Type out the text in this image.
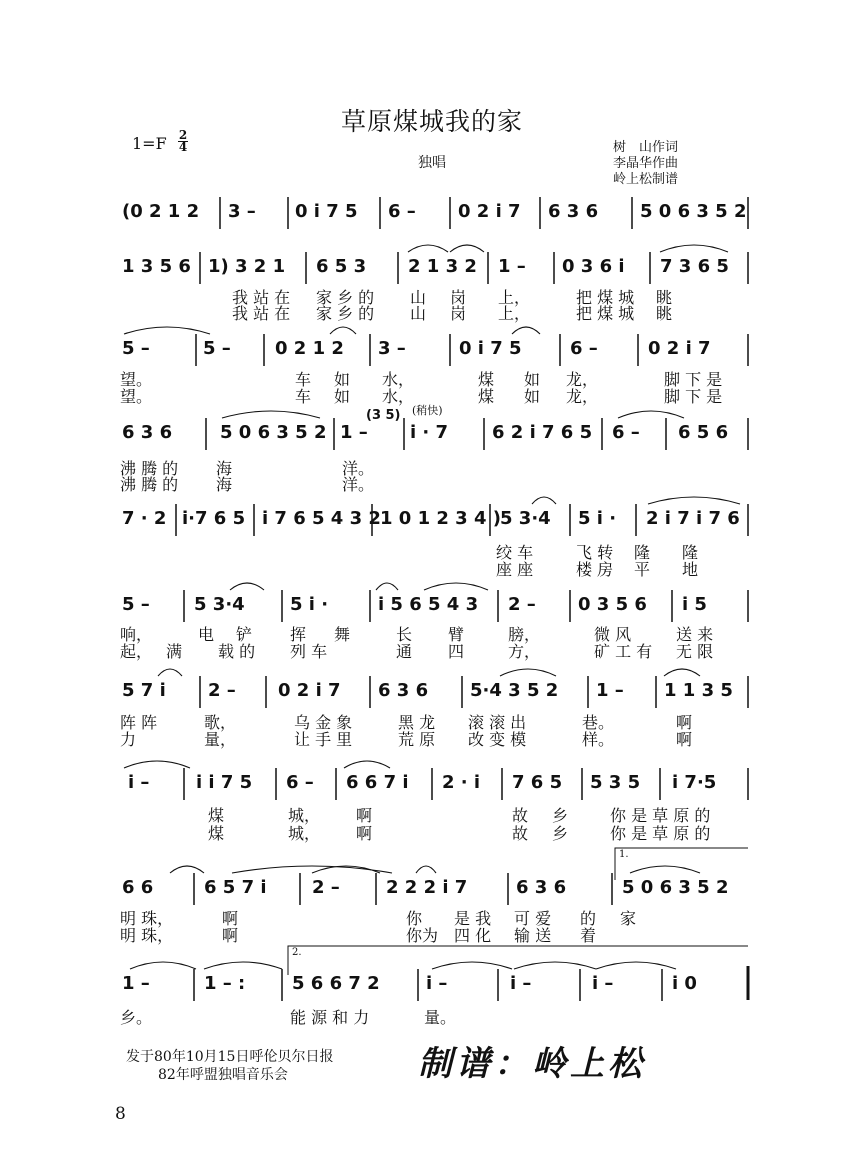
草原煤城我的家
1=F 2
4
独唱
树　山作词
李晶华作曲
岭上松制谱
1.
2.
(0 2 1 2 3 – 0 i 7 5 6 – 0 2 i 7 6 3 6 5 0 6 3 5 2
1 3 5 6 1) 3 2 1 6 5 3 2 1 3 2 1 – 0 3 6 i 7 3 6 5
我 站 在 家 乡 的 山 岗 上，	把 煤 城 眺
我 站 在 家 乡 的 山 岗 上，	把 煤 城 眺
5 –	5 – 0 2 1 2 3 –	0 i 7 5	6 –	0 2 i 7
望。	车 如 水，	煤 如 龙，	脚 下 是
望。	车 如 水，	煤 如 龙，	脚 下 是
6 3 6	5 0 6 3 5 2 1 –
(3 5) (稍快)
i · 7 6 2 i 7 6 5 6 – 6 5 6
沸 腾 的 海	洋。
沸 腾 的 海	洋。
7 · 2 i·7 6 5 i 7 6 5 4 3 2 1 0 1 2 3 4 ) 5 3·4 5 i · 2 i 7 i 7 6
绞 车	飞 转 隆 隆
座 座	楼 房 平 地
5 – 5 3·4	5 i ·	i 5 6 5 4 3 2 – 0 3 5 6 i 5
响，	电 铲 挥 舞	长 臂	膀，	微 风	送 来
起， 满 载 的 列 车	通 四	方，	矿 工 有 无 限
5 7 i 2 – 0 2 i 7 6 3 6 5·4 3 5 2 1 – 1 1 3 5
阵 阵	歌，	乌 金 象	黑 龙 滚 滚 出	巷。	啊
力	量，	让 手 里	荒 原 改 变 模	样。	啊
i –	i i 7 5 6 – 6 6 7 i 2 · i 7 6 5 5 3 5 i 7·5
煤	城， 啊	故 乡	你 是 草 原 的
煤	城， 啊	故 乡	你 是 草 原 的
6 6	6 5 7 i	2 –	2 2 2 i 7	6 3 6	5 0 6 3 5 2
明 珠，	啊	你 是 我 可 爱 的 家
明 珠，	啊	你为 四 化 输 送 着
1 –	1 – :	5 6 6 7 2	i –	i –	i –	i 0
乡。	能 源 和 力	量。
发于80年10月15日呼伦贝尔日报
82年呼盟独唱音乐会	制谱：岭上松
8
